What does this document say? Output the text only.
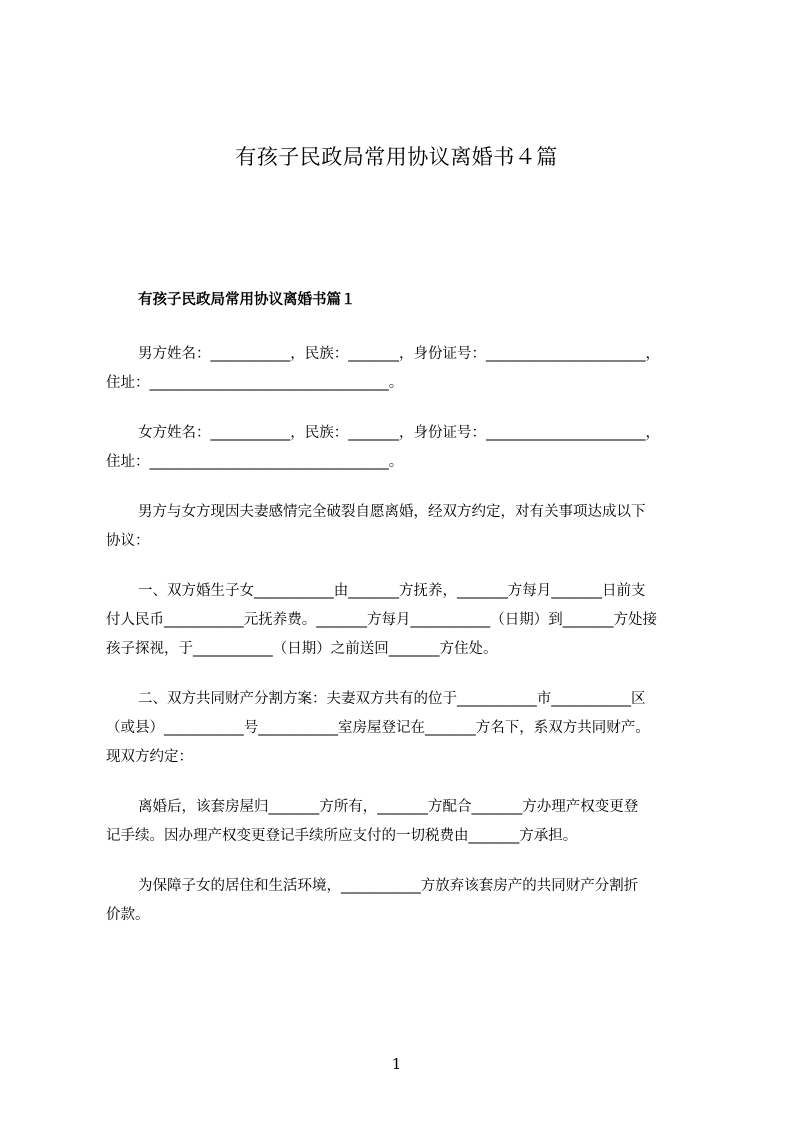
有孩子民政局常用协议离婚书４篇
有孩子民政局常用协议离婚书篇１
男方姓名：___________，民族：_______，身份证号：______________________，
住址：_________________________________。
女方姓名：___________，民族：_______，身份证号：______________________，
住址：_________________________________。
男方与女方现因夫妻感情完全破裂自愿离婚，经双方约定，对有关事项达成以下
协议：
一、双方婚生子女___________由_______方抚养，_______方每月_______日前支
付人民币___________元抚养费。_______方每月___________（日期）到_______方处接
孩子探视，于___________（日期）之前送回_______方住处。
二、双方共同财产分割方案：夫妻双方共有的位于___________市___________区
（或县）___________号___________室房屋登记在_______方名下，系双方共同财产。
现双方约定：
离婚后，该套房屋归_______方所有，_______方配合_______方办理产权变更登
记手续。因办理产权变更登记手续所应支付的一切税费由_______方承担。
为保障子女的居住和生活环境，___________方放弃该套房产的共同财产分割折
价款。
1
